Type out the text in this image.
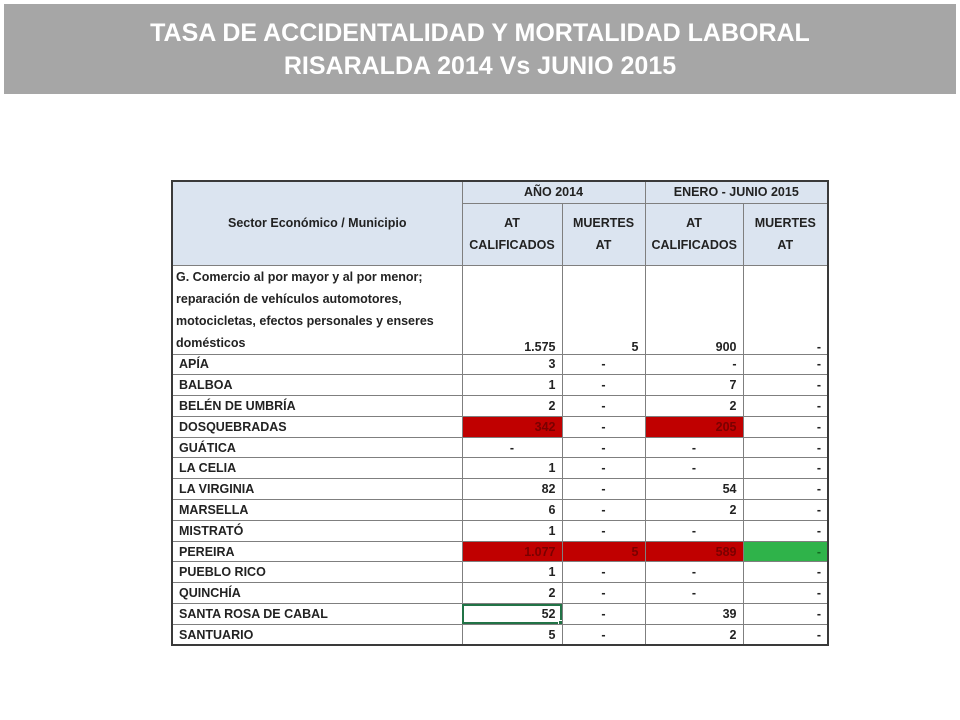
TASA DE ACCIDENTALIDAD Y MORTALIDAD LABORAL
RISARALDA 2014 Vs JUNIO 2015
Sector Económico / Municipio	AÑO 2014		ENERO - JUNIO 2015	
	AT CALIFICADOS	MUERTES AT	AT CALIFICADOS	MUERTES AT
G. Comercio al por mayor y al por menor; reparación de vehículos automotores, motocicletas, efectos personales y enseres domésticos	1.575	5	900	-
APÍA	3	-	-	-
BALBOA	1	-	7	-
BELÉN DE UMBRÍA	2	-	2	-
DOSQUEBRADAS	342	-	205	-
GUÁTICA	-	-	-	-
LA CELIA	1	-	-	-
LA VIRGINIA	82	-	54	-
MARSELLA	6	-	2	-
MISTRATÓ	1	-	-	-
PEREIRA	1.077	5	589	-
PUEBLO RICO	1	-	-	-
QUINCHÍA	2	-	-	-
SANTA ROSA DE CABAL	52	-	39	-
SANTUARIO	5	-	2	-
